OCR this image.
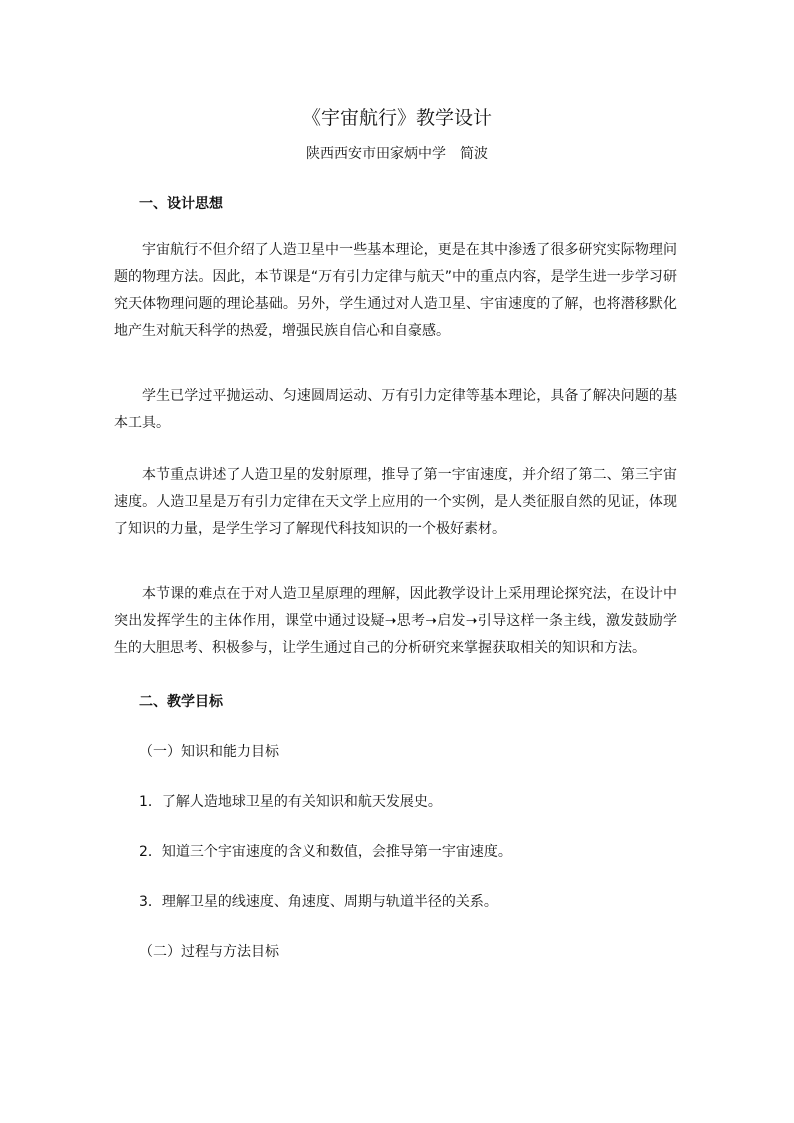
《宇宙航行》教学设计
陕西西安市田家炳中学　简波
一、设计思想
宇宙航行不但介绍了人造卫星中一些基本理论，更是在其中渗透了很多研究实际物理问题的物理方法。因此，本节课是“万有引力定律与航天”中的重点内容，是学生进一步学习研究天体物理问题的理论基础。另外，学生通过对人造卫星、宇宙速度的了解，也将潜移默化地产生对航天科学的热爱，增强民族自信心和自豪感。
学生已学过平抛运动、匀速圆周运动、万有引力定律等基本理论，具备了解决问题的基本工具。
本节重点讲述了人造卫星的发射原理，推导了第一宇宙速度，并介绍了第二、第三宇宙速度。人造卫星是万有引力定律在天文学上应用的一个实例，是人类征服自然的见证，体现了知识的力量，是学生学习了解现代科技知识的一个极好素材。
本节课的难点在于对人造卫星原理的理解，因此教学设计上采用理论探究法，在设计中突出发挥学生的主体作用，课堂中通过设疑➝思考➝启发➝引导这样一条主线，激发鼓励学生的大胆思考、积极参与，让学生通过自己的分析研究来掌握获取相关的知识和方法。
二、教学目标
（一）知识和能力目标
1．了解人造地球卫星的有关知识和航天发展史。
2．知道三个宇宙速度的含义和数值，会推导第一宇宙速度。
3．理解卫星的线速度、角速度、周期与轨道半径的关系。
（二）过程与方法目标
